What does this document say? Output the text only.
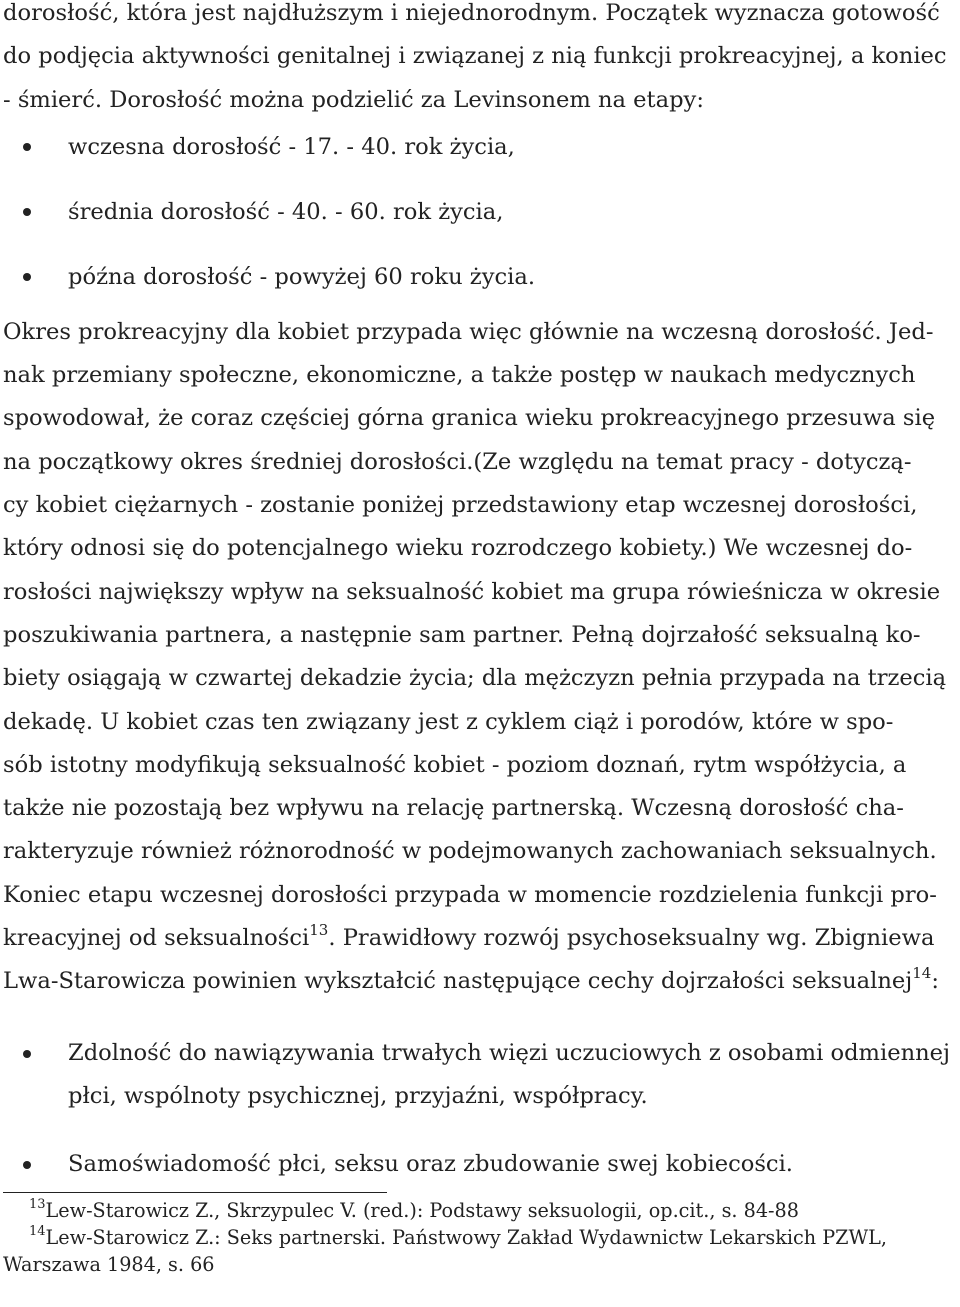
dorosłość, która jest najdłuższym i niejednorodnym. Początek wyznacza gotowość
do podjęcia aktywności genitalnej i związanej z nią funkcji prokreacyjnej, a koniec
- śmierć. Dorosłość można podzielić za Levinsonem na etapy:

wczesna dorosłość - 17. - 40. rok życia,
średnia dorosłość - 40. - 60. rok życia,
późna dorosłość - powyżej 60 roku życia.

Okres prokreacyjny dla kobiet przypada więc głównie na wczesną dorosłość. Jed-
nak przemiany społeczne, ekonomiczne, a także postęp w naukach medycznych
spowodował, że coraz częściej górna granica wieku prokreacyjnego przesuwa się
na początkowy okres średniej dorosłości.(Ze względu na temat pracy - dotyczą-
cy kobiet ciężarnych - zostanie poniżej przedstawiony etap wczesnej dorosłości,
który odnosi się do potencjalnego wieku rozrodczego kobiety.) We wczesnej do-
rosłości największy wpływ na seksualność kobiet ma grupa rówieśnicza w okresie
poszukiwania partnera, a następnie sam partner. Pełną dojrzałość seksualną ko-
biety osiągają w czwartej dekadzie życia; dla mężczyzn pełnia przypada na trzecią
dekadę. U kobiet czas ten związany jest z cyklem ciąż i porodów, które w spo-
sób istotny modyfikują seksualność kobiet - poziom doznań, rytm współżycia, a
także nie pozostają bez wpływu na relację partnerską. Wczesną dorosłość cha-
rakteryzuje również różnorodność w podejmowanych zachowaniach seksualnych.
Koniec etapu wczesnej dorosłości przypada w momencie rozdzielenia funkcji pro-
kreacyjnej od seksualności$^{13}$. Prawidłowy rozwój psychoseksualny wg. Zbigniewa
Lwa-Starowicza powinien wykształcić następujące cechy dojrzałości seksualnej$^{14}$:

Zdolność do nawiązywania trwałych więzi uczuciowych z osobami odmiennej
płci, wspólnoty psychicznej, przyjaźni, współpracy.
Samoświadomość płci, seksu oraz zbudowanie swej kobiecości.
$^{13}$Lew-Starowicz Z., Skrzypulec V. (red.): Podstawy seksuologii, op.cit., s. 84-88
$^{14}$Lew-Starowicz Z.: Seks partnerski. Państwowy Zakład Wydawnictw Lekarskich PZWL,
Warszawa 1984, s. 66
